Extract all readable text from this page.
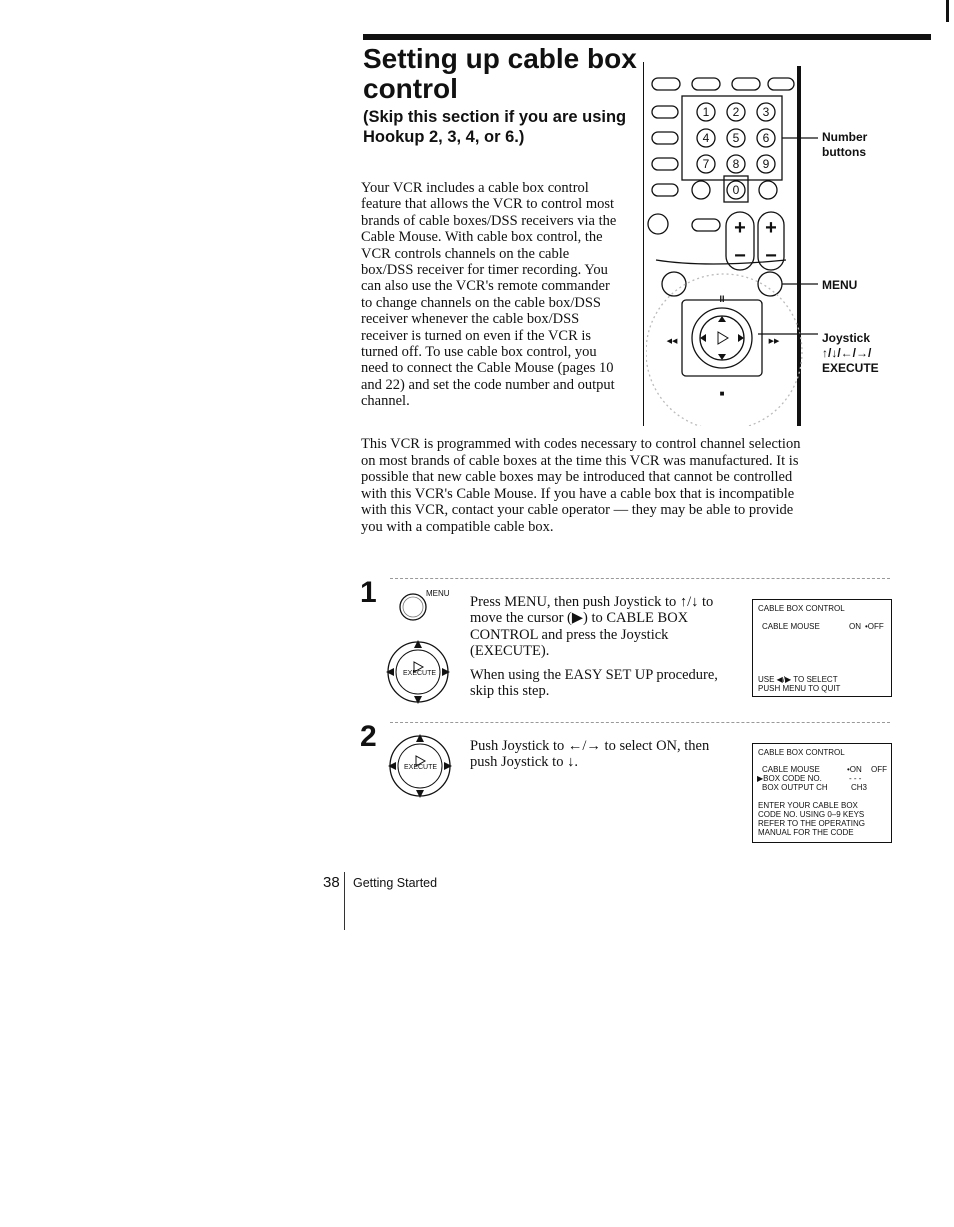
Setting up cable box control
(Skip this section if you are using Hookup 2, 3, 4, or 6.)
Your VCR includes a cable box control feature that allows the VCR to control most brands of cable boxes/DSS receivers via the Cable Mouse. With cable box control, the VCR controls channels on the cable box/DSS receiver for timer recording. You can also use the VCR's remote commander to change channels on the cable box/DSS receiver whenever the cable box/DSS receiver is turned on even if the VCR is turned off. To use cable box control, you need to connect the Cable Mouse (pages 10 and 22) and set the code number and output channel.
1 2 3
4 5 6
7 8 9
0
+ +
− −
II
◀◀	▶▶
■
Number buttons
MENU
Joystick
↑/↓/←/→/
EXECUTE
This VCR is programmed with codes necessary to control channel selection on most brands of cable boxes at the time this VCR was manufactured. It is possible that new cable boxes may be introduced that cannot be controlled with this VCR's Cable Mouse. If you have a cable box that is incompatible with this VCR, contact your cable operator — they may be able to provide you with a compatible cable box.
1	MENU
EXECUTE
Press MENU, then push Joystick to ↑/↓ to move the cursor (▶) to CABLE BOX CONTROL and press the Joystick (EXECUTE).
When using the EASY SET UP procedure, skip this step.
CABLE BOX CONTROL
CABLE MOUSE	ON •OFF
USE ◀/▶ TO SELECT
PUSH MENU TO QUIT
2
EXECUTE
Push Joystick to ←/→ to select ON, then push Joystick to ↓.
CABLE BOX CONTROL
CABLE MOUSE	•ON OFF
▶BOX CODE NO.	- - -
BOX OUTPUT CH	CH3
ENTER YOUR CABLE BOX
CODE NO. USING 0–9 KEYS
REFER TO THE OPERATING
MANUAL FOR THE CODE
38 Getting Started
